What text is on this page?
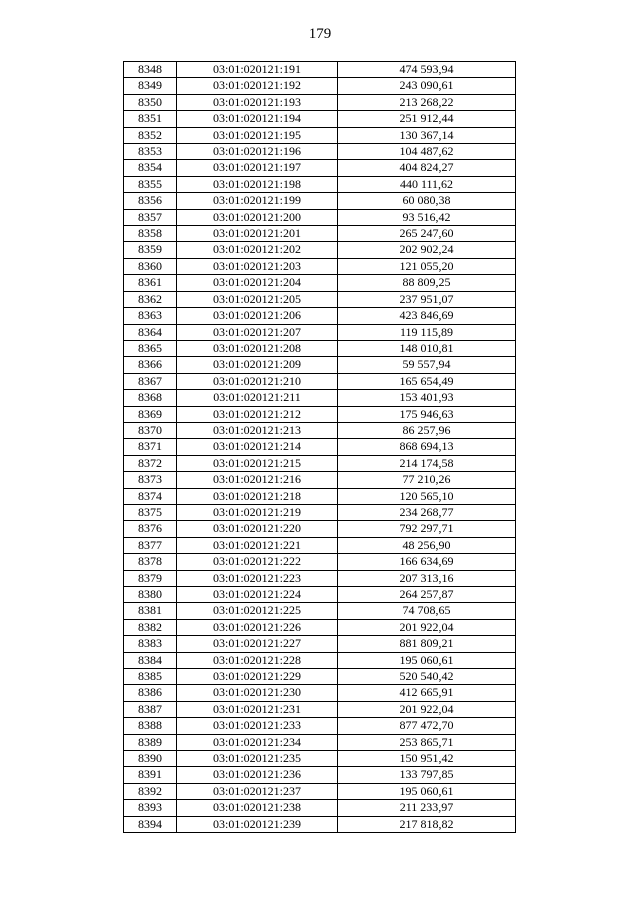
179
8348	03:01:020121:191	474 593,94
8349	03:01:020121:192	243 090,61
8350	03:01:020121:193	213 268,22
8351	03:01:020121:194	251 912,44
8352	03:01:020121:195	130 367,14
8353	03:01:020121:196	104 487,62
8354	03:01:020121:197	404 824,27
8355	03:01:020121:198	440 111,62
8356	03:01:020121:199	60 080,38
8357	03:01:020121:200	93 516,42
8358	03:01:020121:201	265 247,60
8359	03:01:020121:202	202 902,24
8360	03:01:020121:203	121 055,20
8361	03:01:020121:204	88 809,25
8362	03:01:020121:205	237 951,07
8363	03:01:020121:206	423 846,69
8364	03:01:020121:207	119 115,89
8365	03:01:020121:208	148 010,81
8366	03:01:020121:209	59 557,94
8367	03:01:020121:210	165 654,49
8368	03:01:020121:211	153 401,93
8369	03:01:020121:212	175 946,63
8370	03:01:020121:213	86 257,96
8371	03:01:020121:214	868 694,13
8372	03:01:020121:215	214 174,58
8373	03:01:020121:216	77 210,26
8374	03:01:020121:218	120 565,10
8375	03:01:020121:219	234 268,77
8376	03:01:020121:220	792 297,71
8377	03:01:020121:221	48 256,90
8378	03:01:020121:222	166 634,69
8379	03:01:020121:223	207 313,16
8380	03:01:020121:224	264 257,87
8381	03:01:020121:225	74 708,65
8382	03:01:020121:226	201 922,04
8383	03:01:020121:227	881 809,21
8384	03:01:020121:228	195 060,61
8385	03:01:020121:229	520 540,42
8386	03:01:020121:230	412 665,91
8387	03:01:020121:231	201 922,04
8388	03:01:020121:233	877 472,70
8389	03:01:020121:234	253 865,71
8390	03:01:020121:235	150 951,42
8391	03:01:020121:236	133 797,85
8392	03:01:020121:237	195 060,61
8393	03:01:020121:238	211 233,97
8394	03:01:020121:239	217 818,82
